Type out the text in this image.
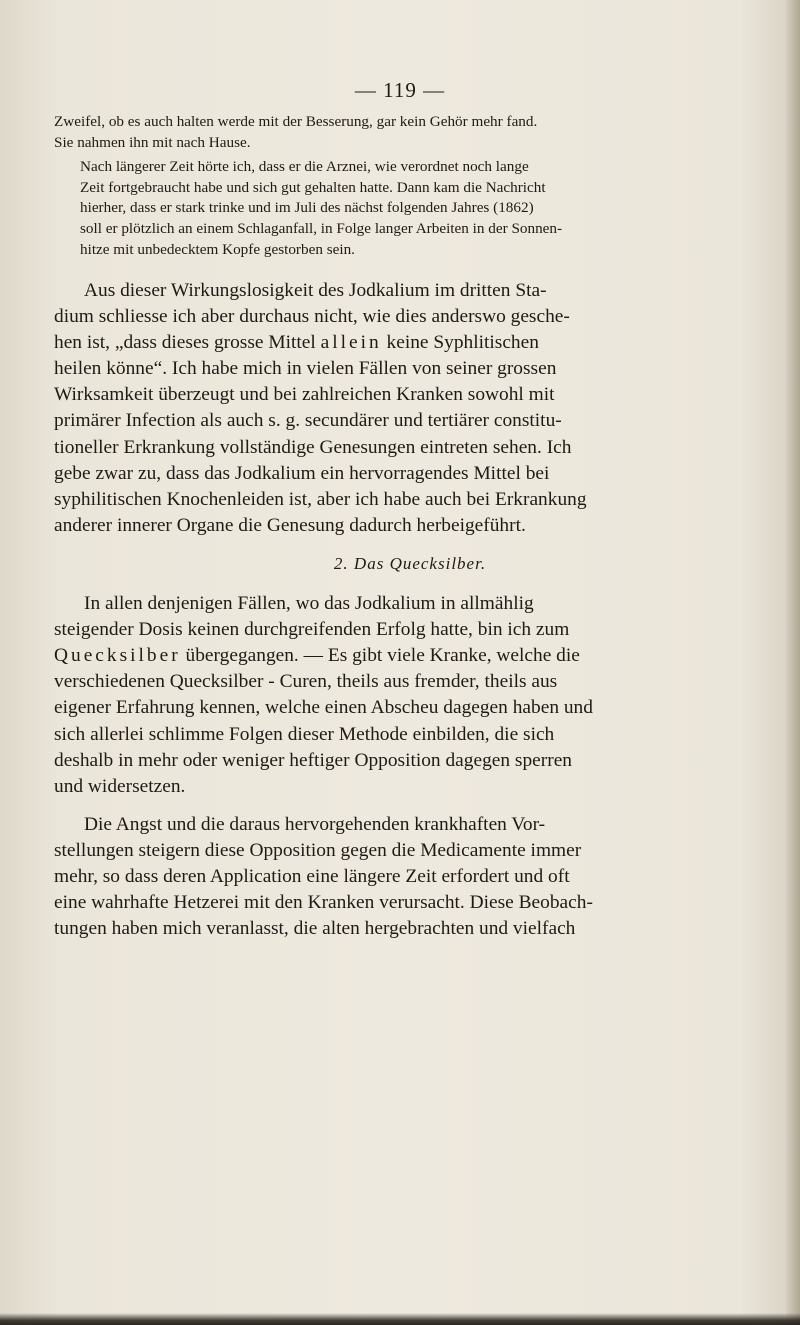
— 119 —

Zweifel, ob es auch halten werde mit der Besserung, gar kein Gehör mehr fand.
Sie nahmen ihn mit nach Hause.

Nach längerer Zeit hörte ich, dass er die Arznei, wie verordnet noch lange
Zeit fortgebraucht habe und sich gut gehalten hatte. Dann kam die Nachricht
hierher, dass er stark trinke und im Juli des nächst folgenden Jahres (1862)
soll er plötzlich an einem Schlaganfall, in Folge langer Arbeiten in der Sonnen-
hitze mit unbedecktem Kopfe gestorben sein.

Aus dieser Wirkungslosigkeit des Jodkalium im dritten Sta-
dium schliesse ich aber durchaus nicht, wie dies anderswo gesche-
hen ist, „dass dieses grosse Mittel allein keine Syphlitischen
heilen könne“. Ich habe mich in vielen Fällen von seiner grossen
Wirksamkeit überzeugt und bei zahlreichen Kranken sowohl mit
primärer Infection als auch s. g. secundärer und tertiärer constitu-
tioneller Erkrankung vollständige Genesungen eintreten sehen. Ich
gebe zwar zu, dass das Jodkalium ein hervorragendes Mittel bei
syphilitischen Knochenleiden ist, aber ich habe auch bei Erkrankung
anderer innerer Organe die Genesung dadurch herbeigeführt.

2. Das Quecksilber.

In allen denjenigen Fällen, wo das Jodkalium in allmählig
steigender Dosis keinen durchgreifenden Erfolg hatte, bin ich zum
Quecksilber übergegangen. — Es gibt viele Kranke, welche die
verschiedenen Quecksilber - Curen, theils aus fremder, theils aus
eigener Erfahrung kennen, welche einen Abscheu dagegen haben und
sich allerlei schlimme Folgen dieser Methode einbilden, die sich
deshalb in mehr oder weniger heftiger Opposition dagegen sperren
und widersetzen.

Die Angst und die daraus hervorgehenden krankhaften Vor-
stellungen steigern diese Opposition gegen die Medicamente immer
mehr, so dass deren Application eine längere Zeit erfordert und oft
eine wahrhafte Hetzerei mit den Kranken verursacht. Diese Beobach-
tungen haben mich veranlasst, die alten hergebrachten und vielfach
